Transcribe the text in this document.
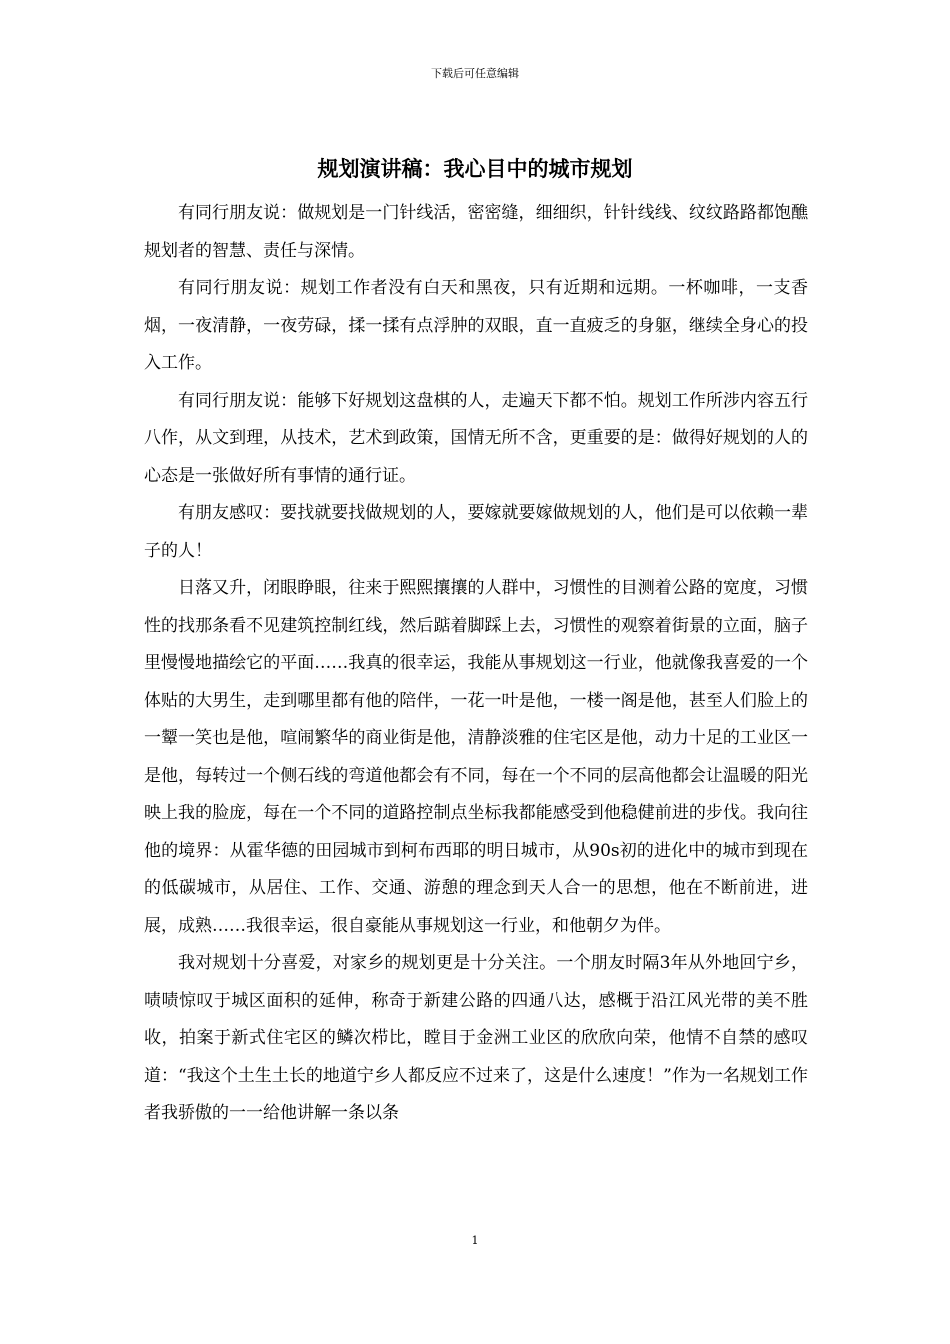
下载后可任意编辑
规划演讲稿：我心目中的城市规划

有同行朋友说：做规划是一门针线活，密密缝，细细织，针针线线、纹纹路路都饱醮规划者的智慧、责任与深情。

有同行朋友说：规划工作者没有白天和黑夜，只有近期和远期。一杯咖啡，一支香烟，一夜清静，一夜劳碌，揉一揉有点浮肿的双眼，直一直疲乏的身躯，继续全身心的投入工作。

有同行朋友说：能够下好规划这盘棋的人，走遍天下都不怕。规划工作所涉内容五行八作，从文到理，从技术，艺术到政策，国情无所不含，更重要的是：做得好规划的人的心态是一张做好所有事情的通行证。

有朋友感叹：要找就要找做规划的人，要嫁就要嫁做规划的人，他们是可以依赖一辈子的人！

日落又升，闭眼睁眼，往来于熙熙攘攘的人群中，习惯性的目测着公路的宽度，习惯性的找那条看不见建筑控制红线，然后踮着脚踩上去，习惯性的观察着街景的立面，脑子里慢慢地描绘它的平面……我真的很幸运，我能从事规划这一行业，他就像我喜爱的一个体贴的大男生，走到哪里都有他的陪伴，一花一叶是他，一楼一阁是他，甚至人们脸上的一颦一笑也是他，喧闹繁华的商业街是他，清静淡雅的住宅区是他，动力十足的工业区一是他，每转过一个侧石线的弯道他都会有不同，每在一个不同的层高他都会让温暖的阳光映上我的脸庞，每在一个不同的道路控制点坐标我都能感受到他稳健前进的步伐。我向往他的境界：从霍华德的田园城市到柯布西耶的明日城市，从90s初的进化中的城市到现在的低碳城市，从居住、工作、交通、游憩的理念到天人合一的思想，他在不断前进，进展，成熟……我很幸运，很自豪能从事规划这一行业，和他朝夕为伴。

我对规划十分喜爱，对家乡的规划更是十分关注。一个朋友时隔3年从外地回宁乡，啧啧惊叹于城区面积的延伸，称奇于新建公路的四通八达，感概于沿江风光带的美不胜收，拍案于新式住宅区的鳞次栉比，瞠目于金洲工业区的欣欣向荣，他情不自禁的感叹道：“我这个土生土长的地道宁乡人都反应不过来了，这是什么速度！”作为一名规划工作者我骄傲的一一给他讲解一条以条

1
